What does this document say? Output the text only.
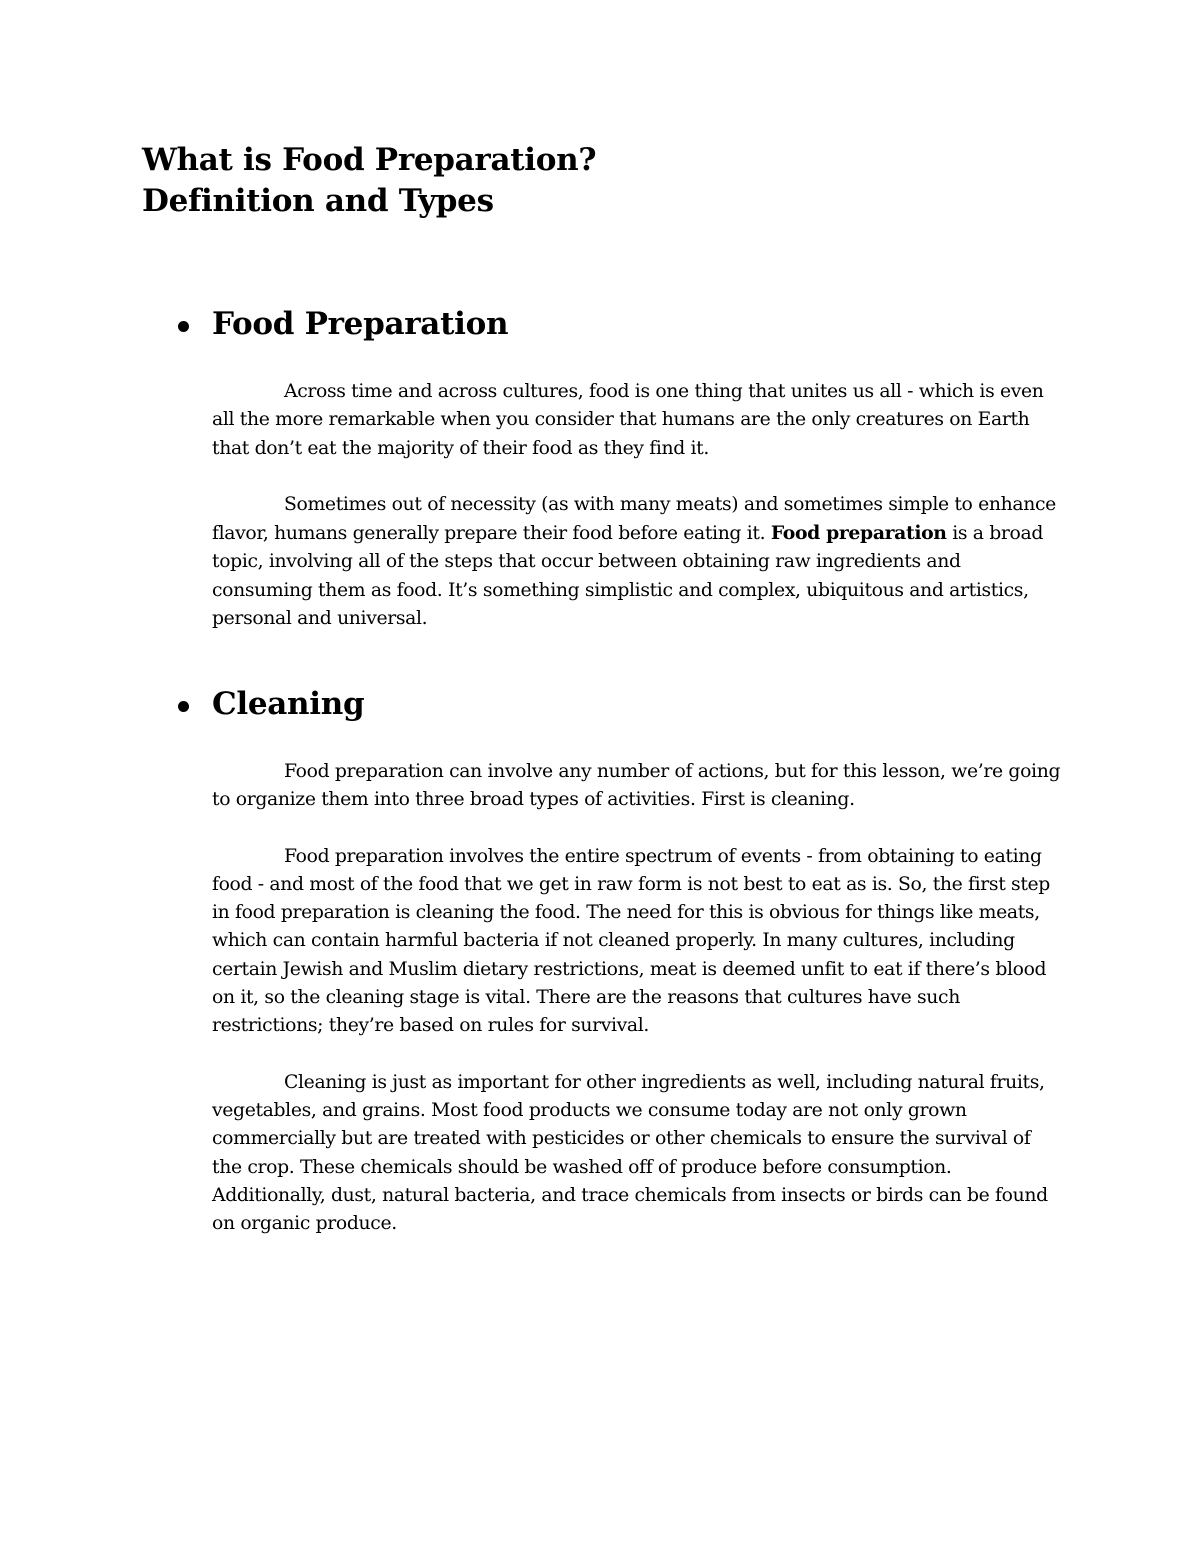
What is Food Preparation?
Definition and Types
Food Preparation

Across time and across cultures, food is one thing that unites us all - which is even all the more remarkable when you consider that humans are the only creatures on Earth that don’t eat the majority of their food as they find it.

Sometimes out of necessity (as with many meats) and sometimes simple to enhance flavor, humans generally prepare their food before eating it. Food preparation is a broad topic, involving all of the steps that occur between obtaining raw ingredients and consuming them as food. It’s something simplistic and complex, ubiquitous and artistics, personal and universal.

Cleaning

Food preparation can involve any number of actions, but for this lesson, we’re going to organize them into three broad types of activities. First is cleaning.

Food preparation involves the entire spectrum of events - from obtaining to eating food - and most of the food that we get in raw form is not best to eat as is. So, the first step in food preparation is cleaning the food. The need for this is obvious for things like meats, which can contain harmful bacteria if not cleaned properly. In many cultures, including certain Jewish and Muslim dietary restrictions, meat is deemed unfit to eat if there’s blood on it, so the cleaning stage is vital. There are the reasons that cultures have such restrictions; they’re based on rules for survival.

Cleaning is just as important for other ingredients as well, including natural fruits, vegetables, and grains. Most food products we consume today are not only grown commercially but are treated with pesticides or other chemicals to ensure the survival of the crop. These chemicals should be washed off of produce before consumption. Additionally, dust, natural bacteria, and trace chemicals from insects or birds can be found on organic produce.
